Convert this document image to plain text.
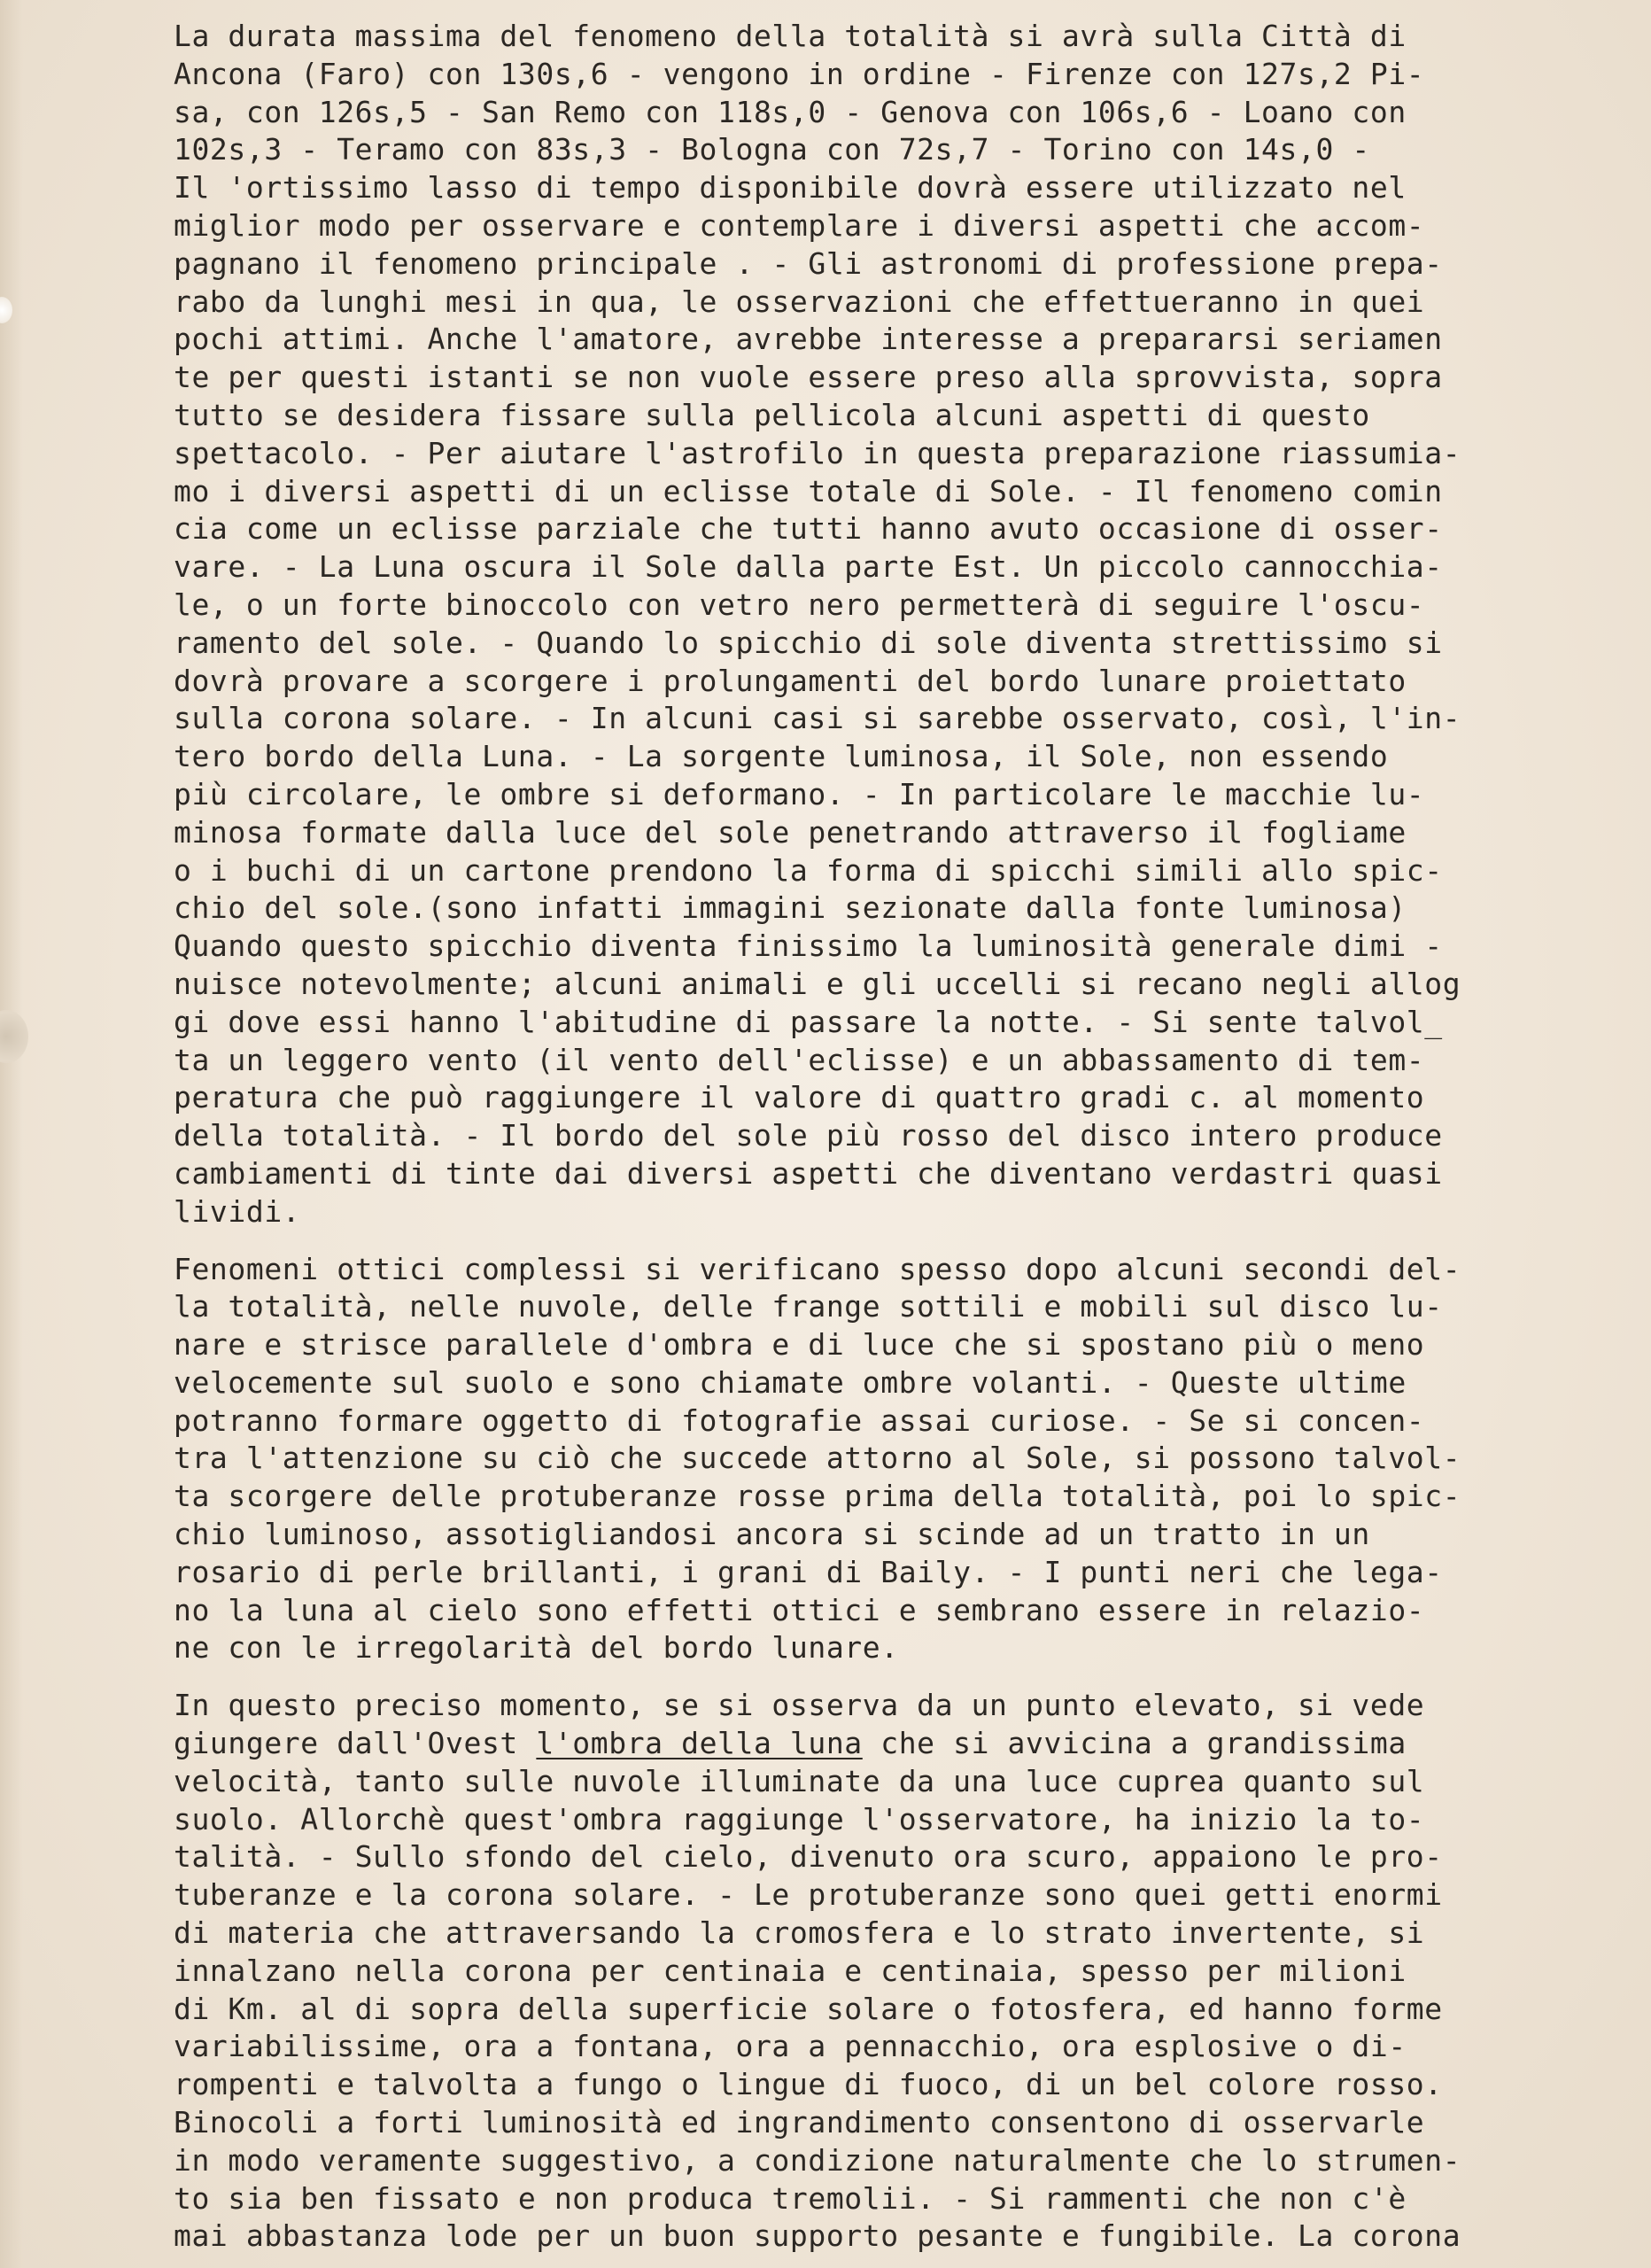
La durata massima del fenomeno della totalità si avrà sulla Città di
Ancona (Faro) con 130s,6 - vengono in ordine - Firenze con 127s,2 Pi-
sa, con 126s,5 - San Remo con 118s,0 - Genova con 106s,6 - Loano con
102s,3 - Teramo con 83s,3 - Bologna con 72s,7 - Torino con 14s,0 -
Il 'ortissimo lasso di tempo disponibile dovrà essere utilizzato nel
miglior modo per osservare e contemplare i diversi aspetti che accom-
pagnano il fenomeno principale . - Gli astronomi di professione prepa-
rabo da lunghi mesi in qua, le osservazioni che effettueranno in quei
pochi attimi. Anche l'amatore, avrebbe interesse a prepararsi seriamen
te per questi istanti se non vuole essere preso alla sprovvista, sopra
tutto se desidera fissare sulla pellicola alcuni aspetti di questo
spettacolo. - Per aiutare l'astrofilo in questa preparazione riassumia-
mo i diversi aspetti di un eclisse totale di Sole. - Il fenomeno comin
cia come un eclisse parziale che tutti hanno avuto occasione di osser-
vare. - La Luna oscura il Sole dalla parte Est. Un piccolo cannocchia-
le, o un forte binoccolo con vetro nero permetterà di seguire l'oscu-
ramento del sole. - Quando lo spicchio di sole diventa strettissimo si
dovrà provare a scorgere i prolungamenti del bordo lunare proiettato
sulla corona solare. - In alcuni casi si sarebbe osservato, così, l'in-
tero bordo della Luna. - La sorgente luminosa, il Sole, non essendo
più circolare, le ombre si deformano. - In particolare le macchie lu-
minosa formate dalla luce del sole penetrando attraverso il fogliame
o i buchi di un cartone prendono la forma di spicchi simili allo spic-
chio del sole.(sono infatti immagini sezionate dalla fonte luminosa)
Quando questo spicchio diventa finissimo la luminosità generale dimi -
nuisce notevolmente; alcuni animali e gli uccelli si recano negli allog
gi dove essi hanno l'abitudine di passare la notte. - Si sente talvol_
ta un leggero vento (il vento dell'eclisse) e un abbassamento di tem-
peratura che può raggiungere il valore di quattro gradi c. al momento
della totalità. - Il bordo del sole più rosso del disco intero produce
cambiamenti di tinte dai diversi aspetti che diventano verdastri quasi
lividi.
Fenomeni ottici complessi si verificano spesso dopo alcuni secondi del-
la totalità, nelle nuvole, delle frange sottili e mobili sul disco lu-
nare e strisce parallele d'ombra e di luce che si spostano più o meno
velocemente sul suolo e sono chiamate ombre volanti. - Queste ultime
potranno formare oggetto di fotografie assai curiose. - Se si concen-
tra l'attenzione su ciò che succede attorno al Sole, si possono talvol-
ta scorgere delle protuberanze rosse prima della totalità, poi lo spic-
chio luminoso, assotigliandosi ancora si scinde ad un tratto in un
rosario di perle brillanti, i grani di Baily. - I punti neri che lega-
no la luna al cielo sono effetti ottici e sembrano essere in relazio-
ne con le irregolarità del bordo lunare.
In questo preciso momento, se si osserva da un punto elevato, si vede
giungere dall'Ovest l'ombra della luna che si avvicina a grandissima
velocità, tanto sulle nuvole illuminate da una luce cuprea quanto sul
suolo. Allorchè quest'ombra raggiunge l'osservatore, ha inizio la to-
talità. - Sullo sfondo del cielo, divenuto ora scuro, appaiono le pro-
tuberanze e la corona solare. - Le protuberanze sono quei getti enormi
di materia che attraversando la cromosfera e lo strato invertente, si
innalzano nella corona per centinaia e centinaia, spesso per milioni
di Km. al di sopra della superficie solare o fotosfera, ed hanno forme
variabilissime, ora a fontana, ora a pennacchio, ora esplosive o di-
rompenti e talvolta a fungo o lingue di fuoco, di un bel colore rosso.
Binocoli a forti luminosità ed ingrandimento consentono di osservarle
in modo veramente suggestivo, a condizione naturalmente che lo strumen-
to sia ben fissato e non produca tremolii. - Si rammenti che non c'è
mai abbastanza lode per un buon supporto pesante e fungibile. La corona
